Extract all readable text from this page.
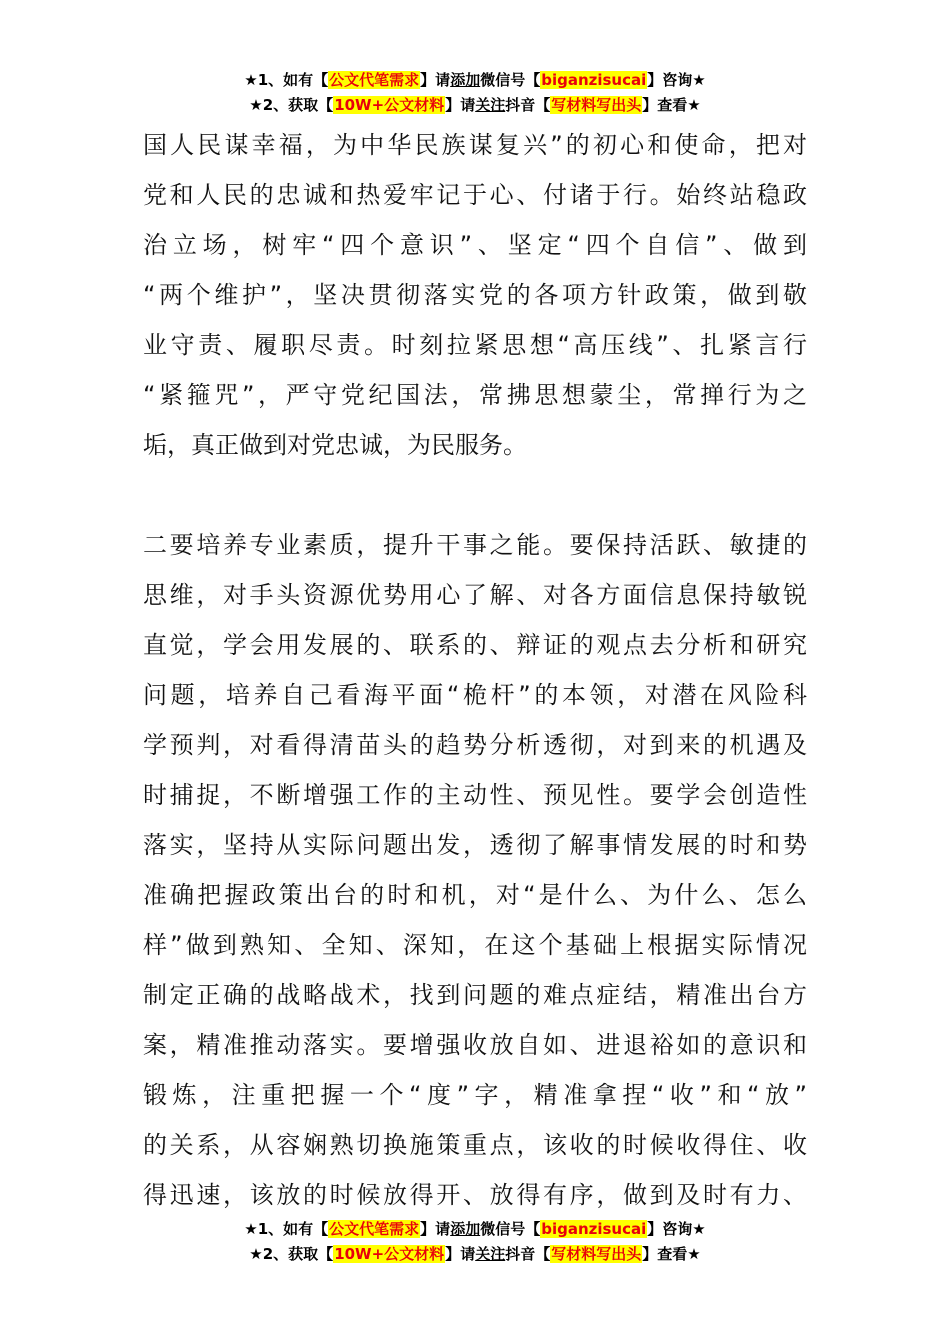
★1、如有【公文代笔需求】请添加微信号【biganzisucai】咨询★
★2、获取【10W+公文材料】请关注抖音【写材料写出头】查看★
国人民谋幸福，为中华民族谋复兴”的初心和使命，把对
党和人民的忠诚和热爱牢记于心、付诸于行。始终站稳政
治立场，树牢“四个意识”、坚定“四个自信”、做到
“两个维护”，坚决贯彻落实党的各项方针政策，做到敬
业守责、履职尽责。时刻拉紧思想“高压线”、扎紧言行
“紧箍咒”，严守党纪国法，常拂思想蒙尘，常掸行为之
垢，真正做到对党忠诚，为民服务。
二要培养专业素质，提升干事之能。要保持活跃、敏捷的
思维，对手头资源优势用心了解、对各方面信息保持敏锐
直觉，学会用发展的、联系的、辩证的观点去分析和研究
问题，培养自己看海平面“桅杆”的本领，对潜在风险科
学预判，对看得清苗头的趋势分析透彻，对到来的机遇及
时捕捉，不断增强工作的主动性、预见性。要学会创造性
落实，坚持从实际问题出发，透彻了解事情发展的时和势
准确把握政策出台的时和机，对“是什么、为什么、怎么
样”做到熟知、全知、深知，在这个基础上根据实际情况
制定正确的战略战术，找到问题的难点症结，精准出台方
案，精准推动落实。要增强收放自如、进退裕如的意识和
锻炼，注重把握一个“度”字，精准拿捏“收”和“放”
的关系，从容娴熟切换施策重点，该收的时候收得住、收
得迅速，该放的时候放得开、放得有序，做到及时有力、
★1、如有【公文代笔需求】请添加微信号【biganzisucai】咨询★
★2、获取【10W+公文材料】请关注抖音【写材料写出头】查看★
